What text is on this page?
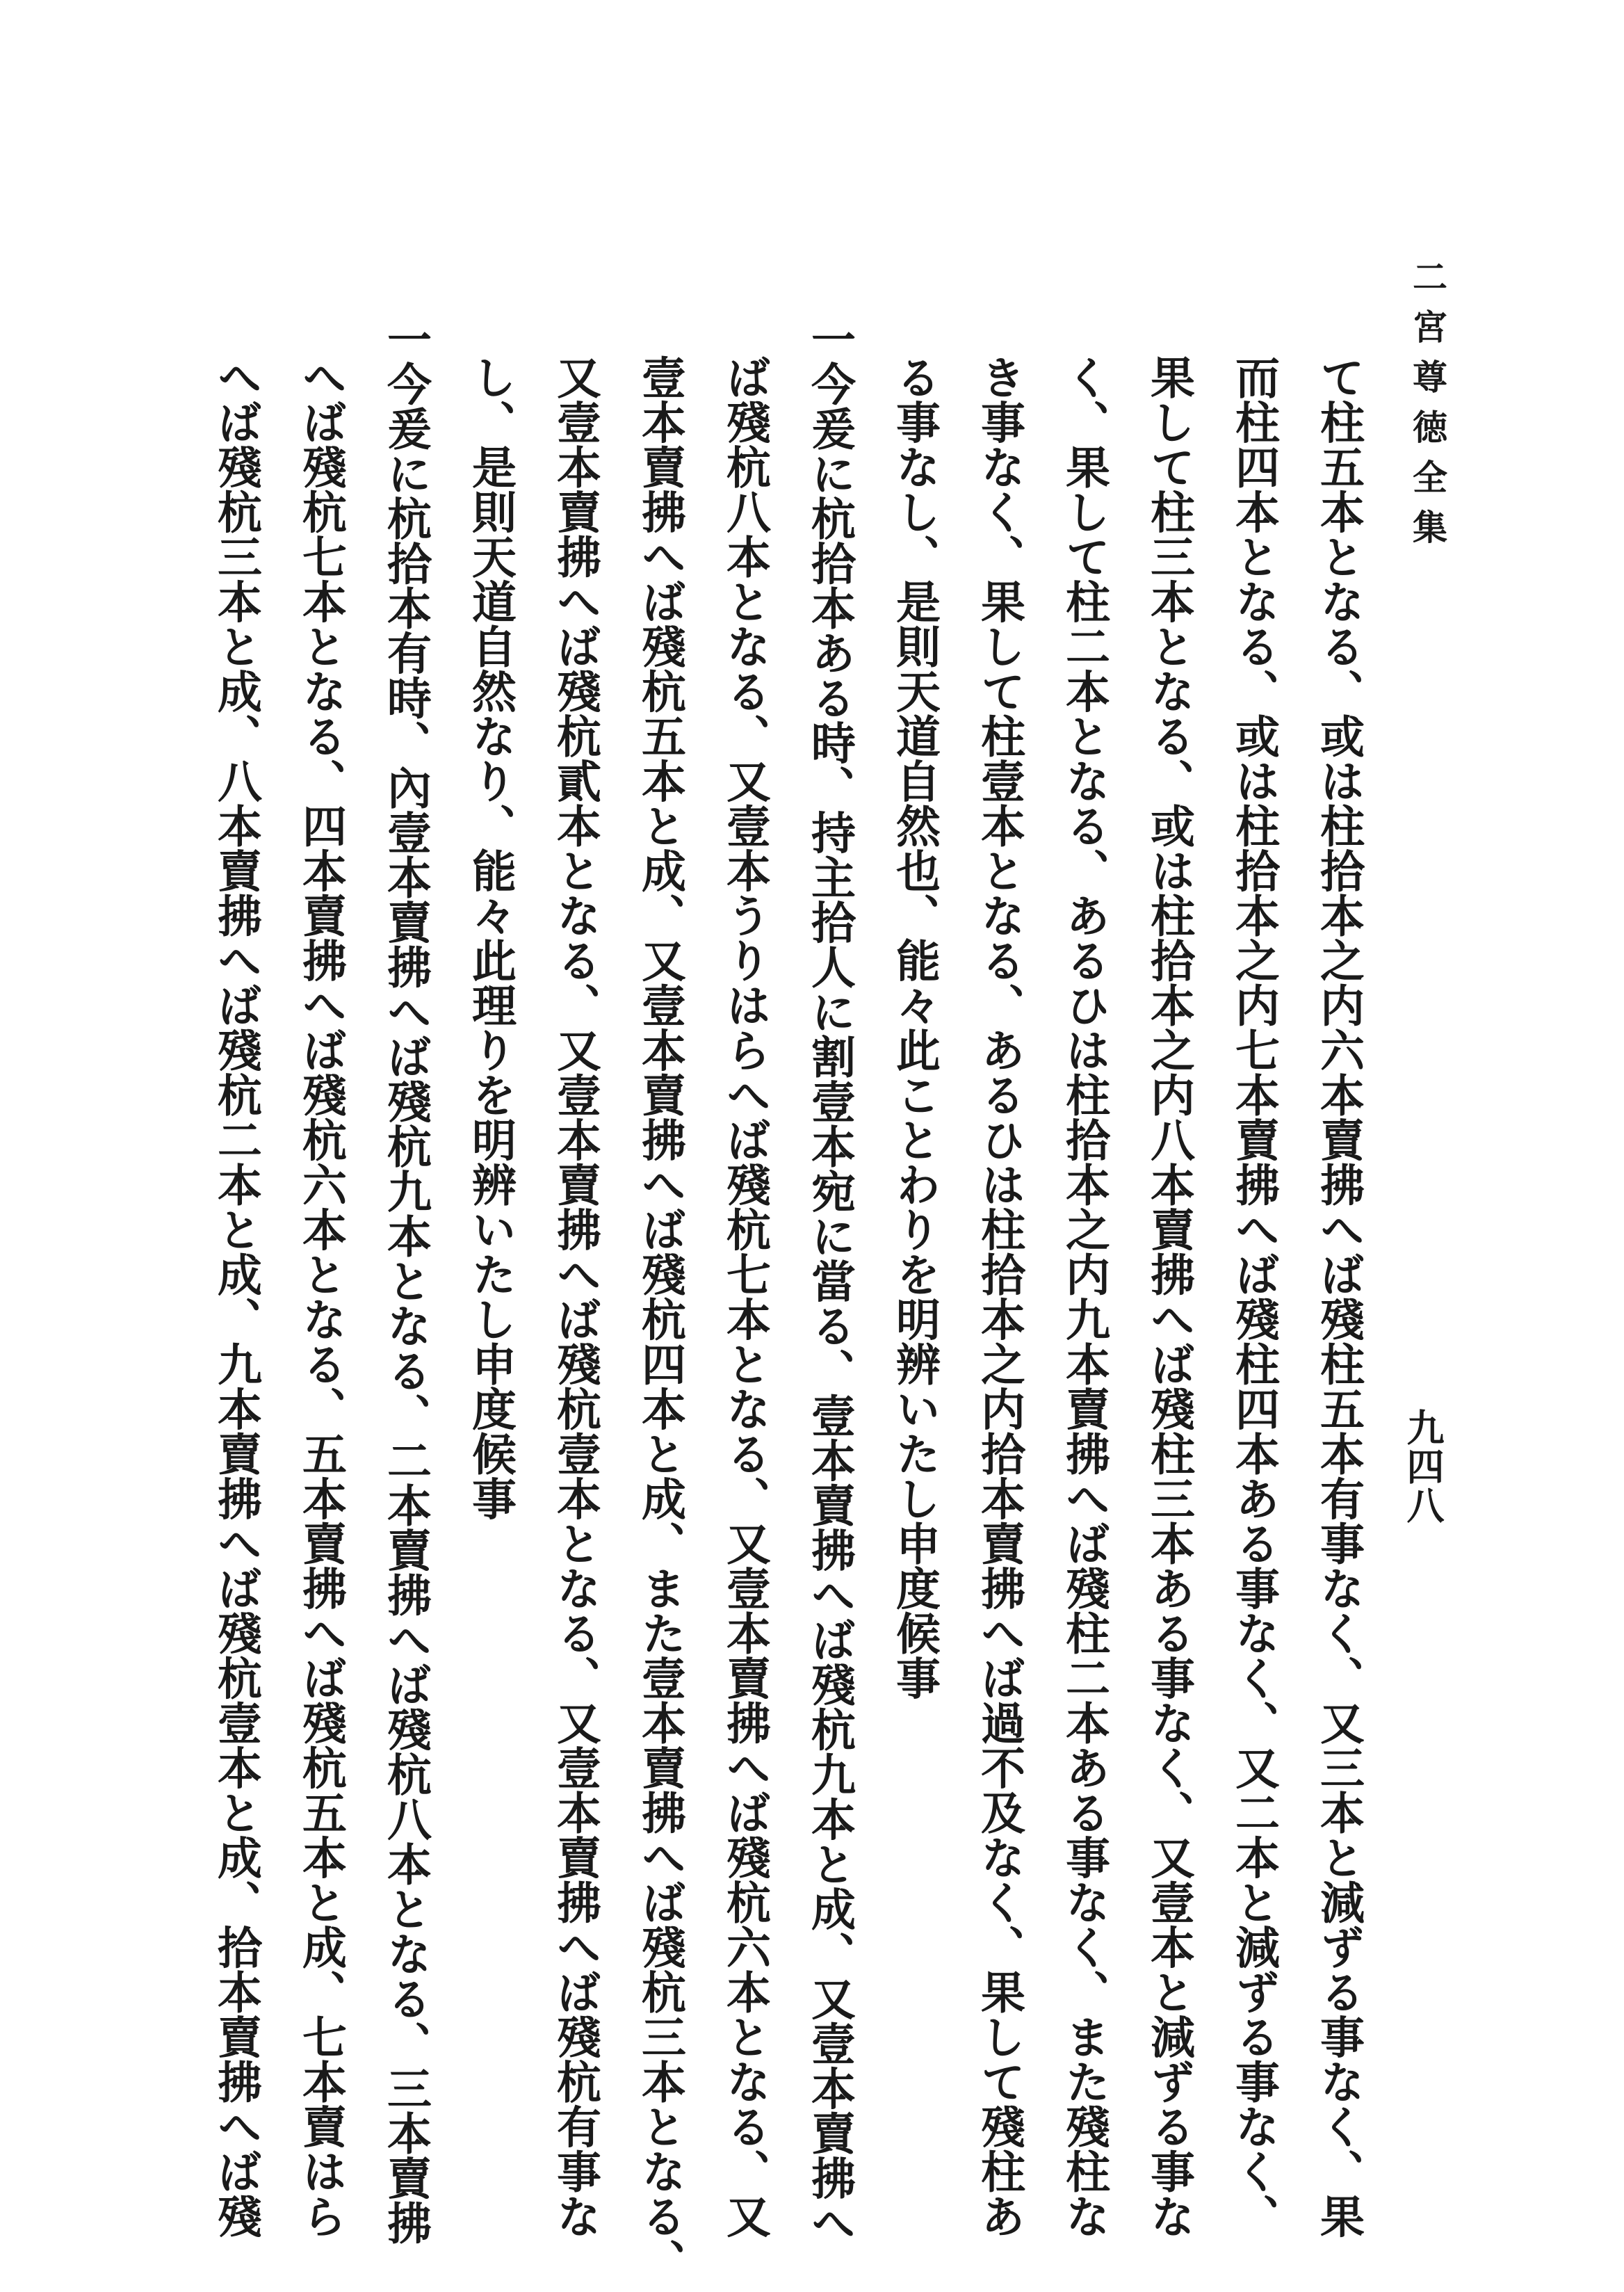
二宮尊徳全集
九四八
て柱五本となる、或は柱拾本之内六本賣拂へば殘柱五本有事なく、又三本と減ずる事なく、果
而柱四本となる、或は柱拾本之内七本賣拂へば殘柱四本ある事なく、又二本と減ずる事なく、
果して柱三本となる、或は柱拾本之内八本賣拂へば殘柱三本ある事なく、又壹本と減ずる事な
く、果して柱二本となる、あるひは柱拾本之内九本賣拂へば殘柱二本ある事なく、また殘柱な
き事なく、果して柱壹本となる、あるひは柱拾本之内拾本賣拂へば過不及なく、果して殘柱あ
る事なし、是則天道自然也、能々此ことわりを明辨いたし申度候事
一今爰に杭拾本ある時、持主拾人に割壹本宛に當る、壹本賣拂へば殘杭九本と成、又壹本賣拂へ
ば殘杭八本となる、又壹本うりはらへば殘杭七本となる、又壹本賣拂へば殘杭六本となる、又
壹本賣拂へば殘杭五本と成、又壹本賣拂へば殘杭四本と成、また壹本賣拂へば殘杭三本となる、
又壹本賣拂へば殘杭貳本となる、又壹本賣拂へば殘杭壹本となる、又壹本賣拂へば殘杭有事な
し、是則天道自然なり、能々此理りを明辨いたし申度候事
一今爰に杭拾本有時、內壹本賣拂へば殘杭九本となる、二本賣拂へば殘杭八本となる、三本賣拂
へば殘杭七本となる、四本賣拂へば殘杭六本となる、五本賣拂へば殘杭五本と成、七本賣はら
へば殘杭三本と成、八本賣拂へば殘杭二本と成、九本賣拂へば殘杭壹本と成、拾本賣拂へば殘
